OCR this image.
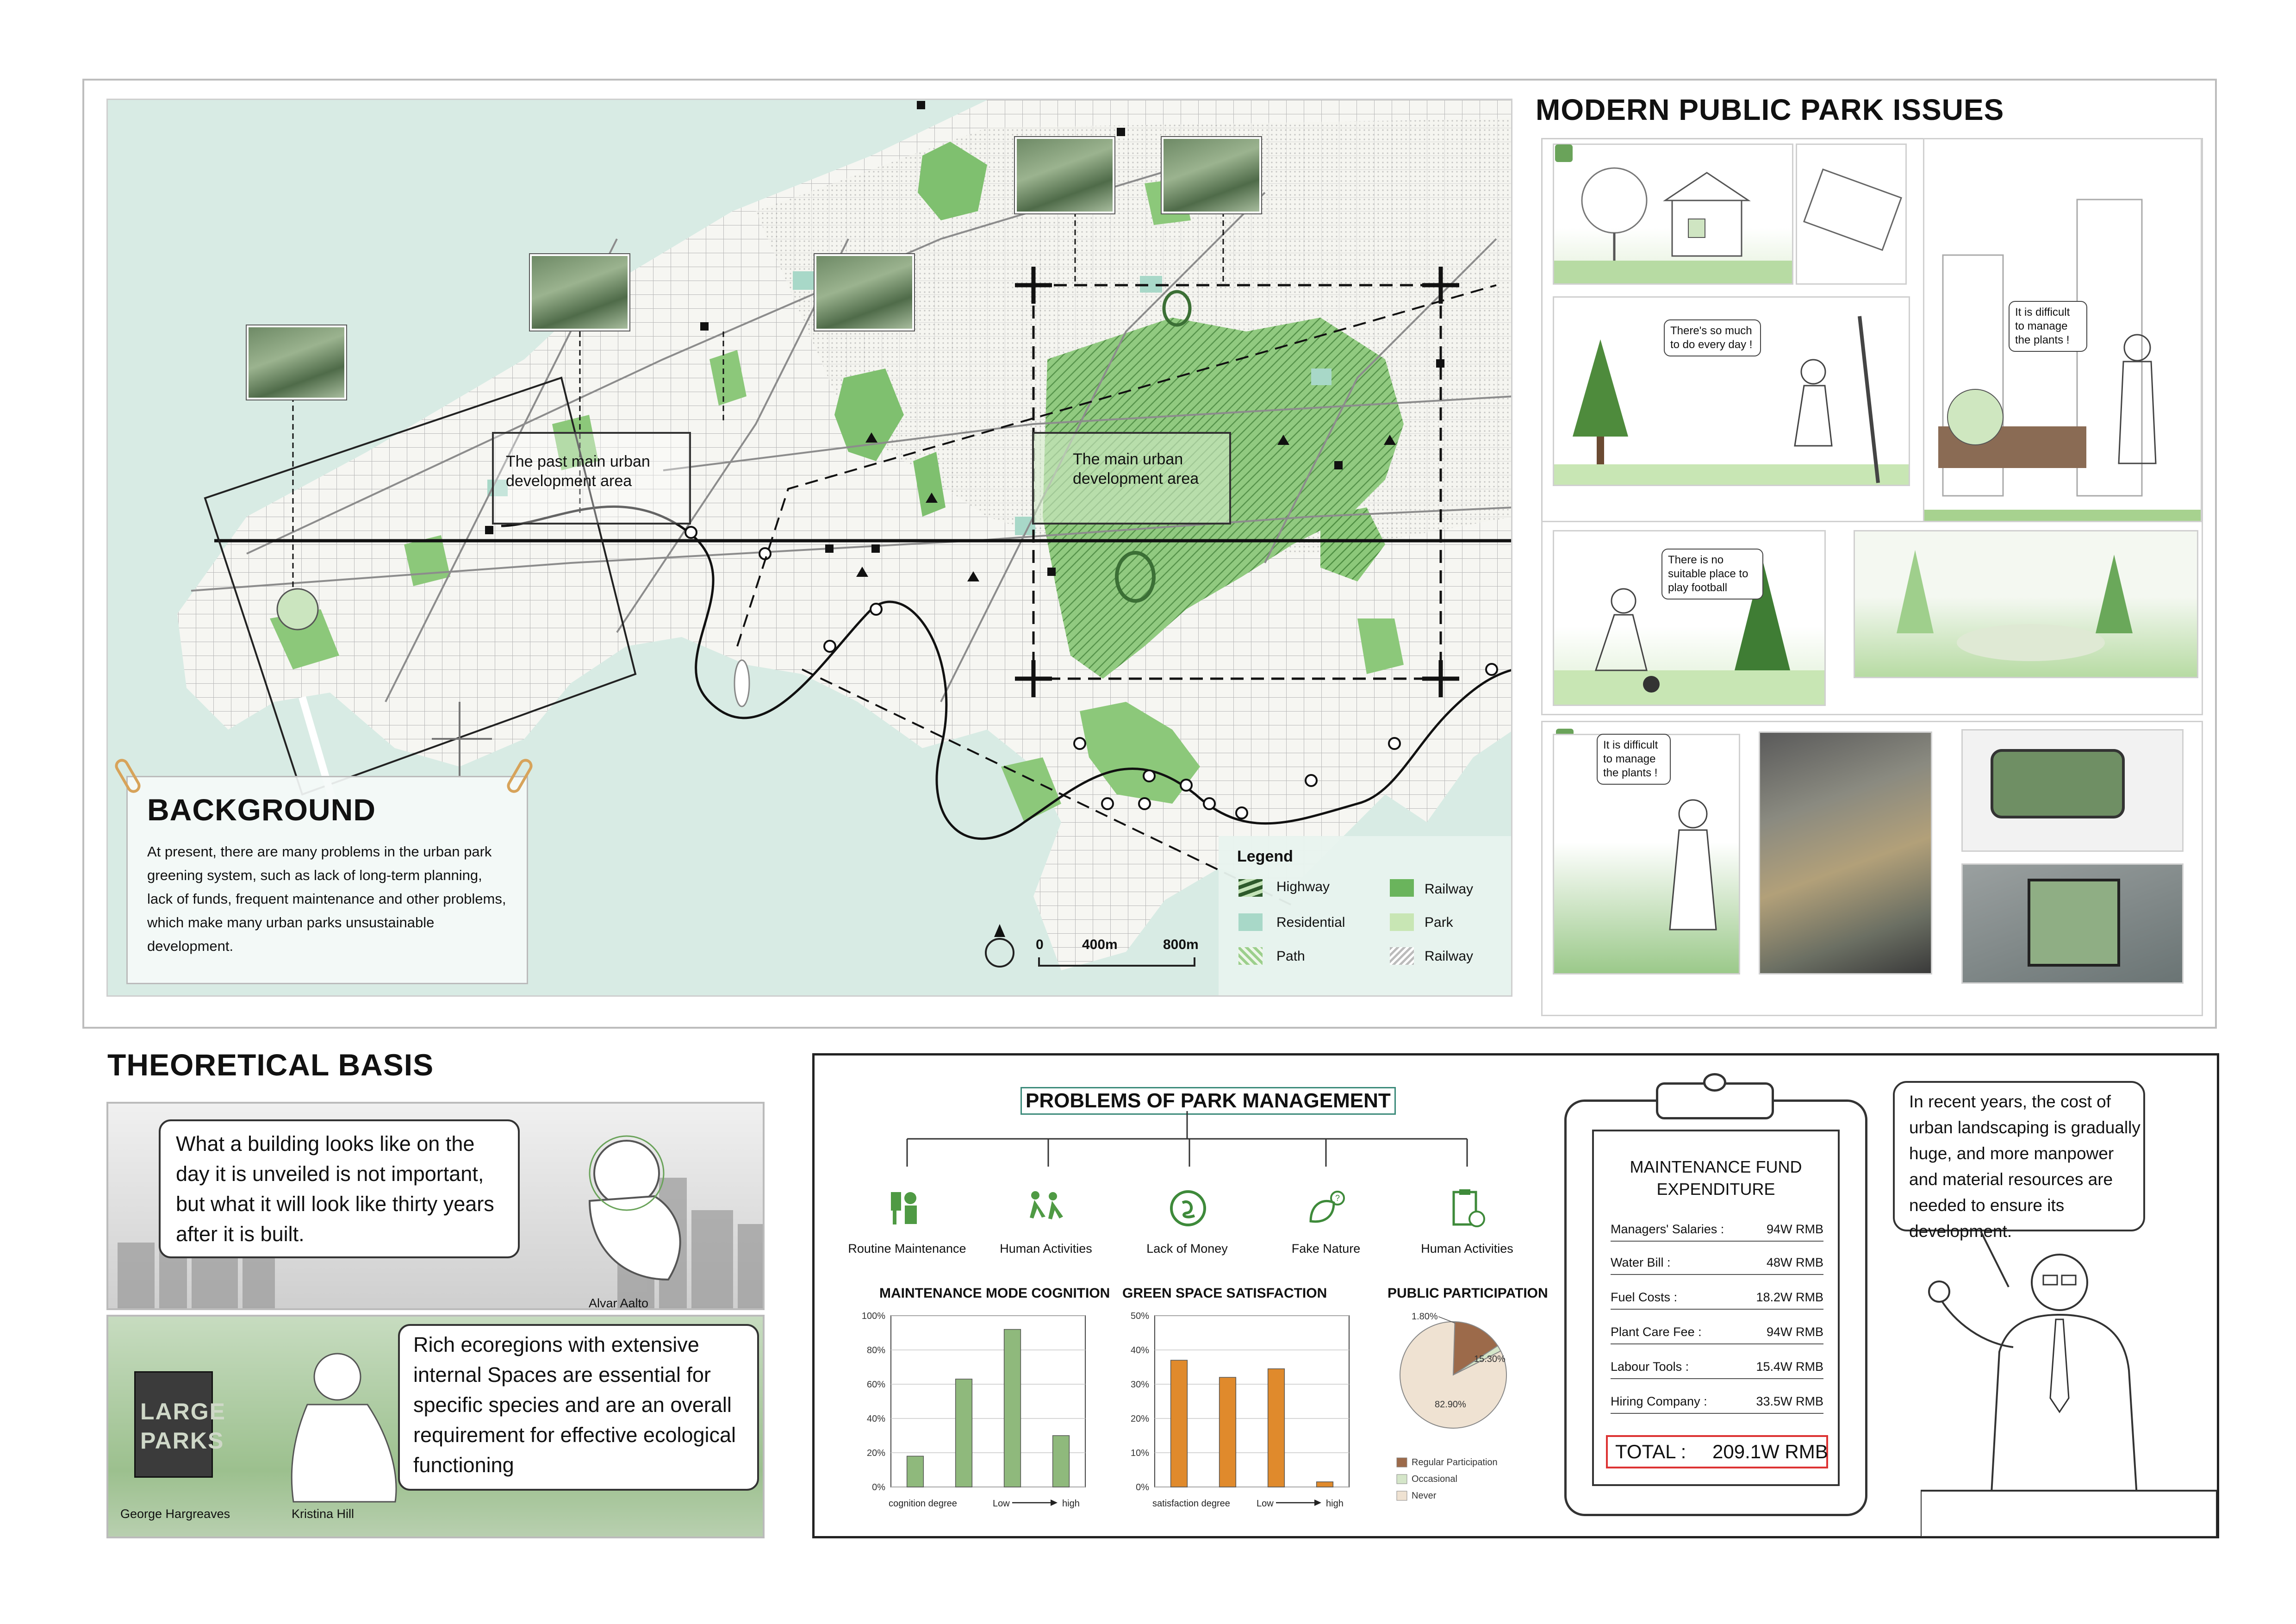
The past main urban development area
The main urban development area
BACKGROUND
At present, there are many problems in the urban park greening system, such as lack of long-term planning, lack of funds, frequent maintenance and other problems, which make many urban parks unsustainable development.	0	400m	800m
Legend
Highway
Residential
Path
Railway
Park
Railway
MODERN PUBLIC PARK ISSUES
It is difficult to manage the plants !
There's so much to do every day !
There is no suitable place to play football
It is difficult to manage the plants !
THEORETICAL BASIS
What a building looks like on the day it is unveiled is not important, but what it will look like thirty years after it is built.
Alvar Aalto
LARGE
PARKS
Rich ecoregions with extensive internal Spaces are essential for specific species and are an overall requirement for effective ecological functioning
George Hargreaves	Kristina Hill
PROBLEMS OF PARK MANAGEMENT
?
Routine Maintenance	Human Activities	Lack of Money	Fake Nature	Human Activities
MAINTENANCE MODE COGNITION
100%
80%
60%
40%
20%
0%
cognition degree	Low	high
GREEN SPACE SATISFACTION
50%
40%
30%
20%
10%
0%
satisfaction degree	Low	high
PUBLIC PARTICIPATION
15.30%
1.80%
82.90%
Regular Participation
Occasional
Never
MAINTENANCE FUND
EXPENDITURE
Managers' Salaries :	94W RMB
Water Bill :	48W RMB
Fuel Costs :	18.2W RMB
Plant Care Fee :	94W RMB
Labour Tools :	15.4W RMB
Hiring Company :	33.5W RMB
TOTAL : 209.1W RMB
In recent years, the cost of urban landscaping is gradually huge, and more manpower and material resources are needed to ensure its development.
